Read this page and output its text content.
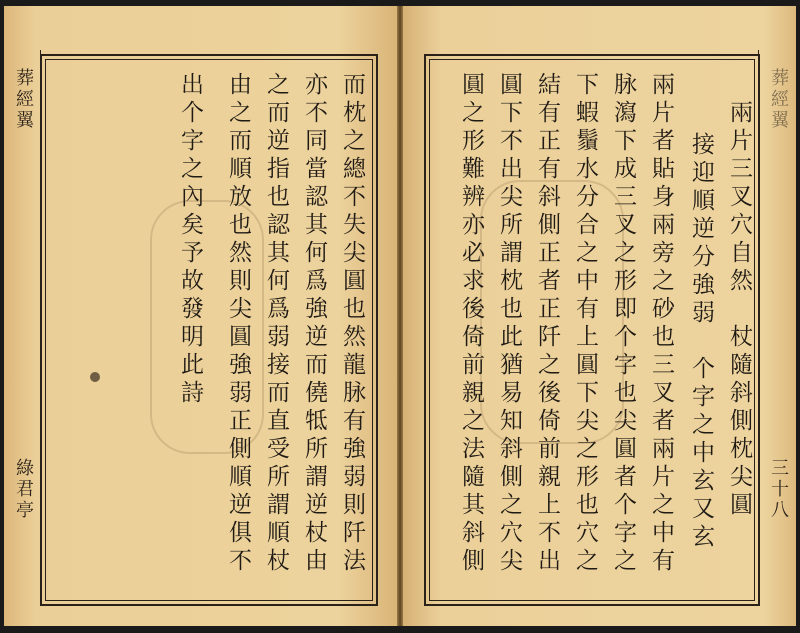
葬經翼
綠君亭	而枕之總不失尖圓也然龍脉有強弱則阡法
亦不同當認其何爲強逆而僥牴所謂逆杖由
之而逆指也認其何爲弱接而直受所謂順杖
由之而順放也然則尖圓強弱正側順逆俱不
出个字之內矣予故發明此詩	葬經翼
三十八
兩片三叉穴自然　杖隨斜側枕尖圓
接迎順逆分強弱　个字之中玄又玄
兩片者貼身兩旁之砂也三叉者兩片之中有
脉瀉下成三叉之形即个字也尖圓者个字之
下蝦鬚水分合之中有上圓下尖之形也穴之
結有正有斜側正者正阡之後倚前親上不出
圓下不出尖所謂枕也此猶易知斜側之穴尖
圓之形難辨亦必求後倚前親之法隨其斜側
